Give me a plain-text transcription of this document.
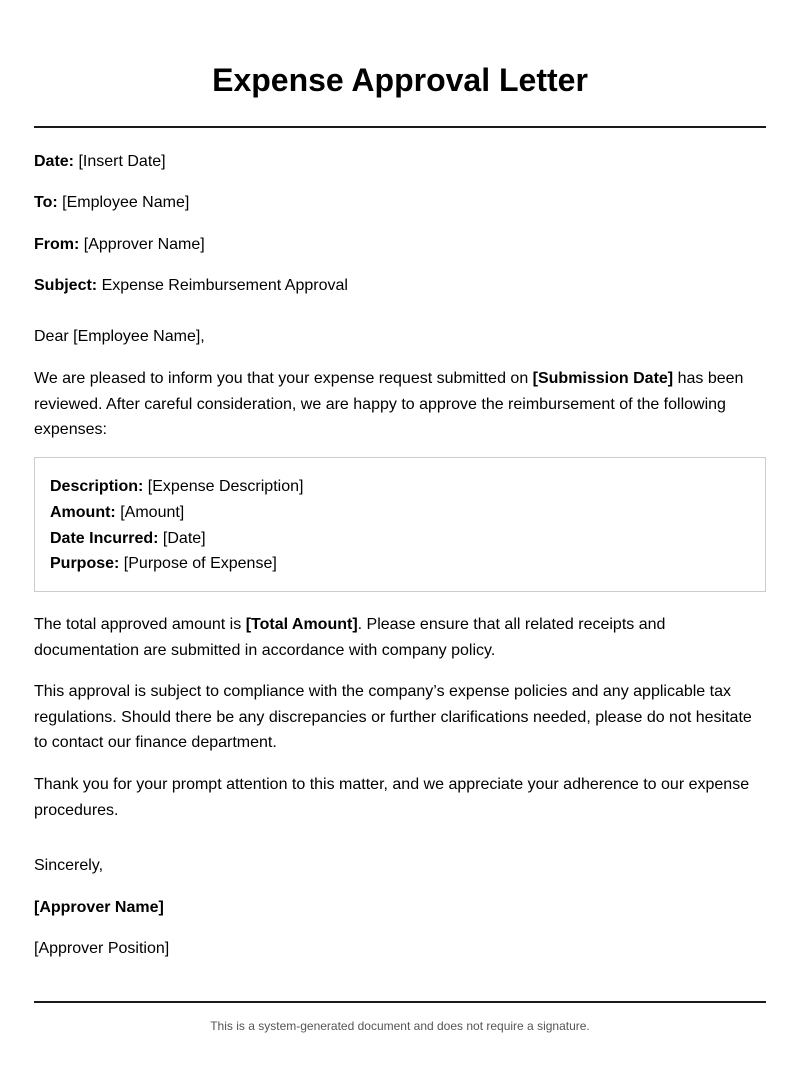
Expense Approval Letter
Date: [Insert Date]
To: [Employee Name]
From: [Approver Name]
Subject: Expense Reimbursement Approval
Dear [Employee Name],

We are pleased to inform you that your expense request submitted on [Submission Date] has been reviewed. After careful consideration, we are happy to approve the reimbursement of the following expenses:

Description: [Expense Description]
Amount: [Amount]
Date Incurred: [Date]
Purpose: [Purpose of Expense]

The total approved amount is [Total Amount]. Please ensure that all related receipts and documentation are submitted in accordance with company policy.

This approval is subject to compliance with the company’s expense policies and any applicable tax regulations. Should there be any discrepancies or further clarifications needed, please do not hesitate to contact our finance department.

Thank you for your prompt attention to this matter, and we appreciate your adherence to our expense procedures.

Sincerely,
[Approver Name]
[Approver Position]
This is a system-generated document and does not require a signature.
